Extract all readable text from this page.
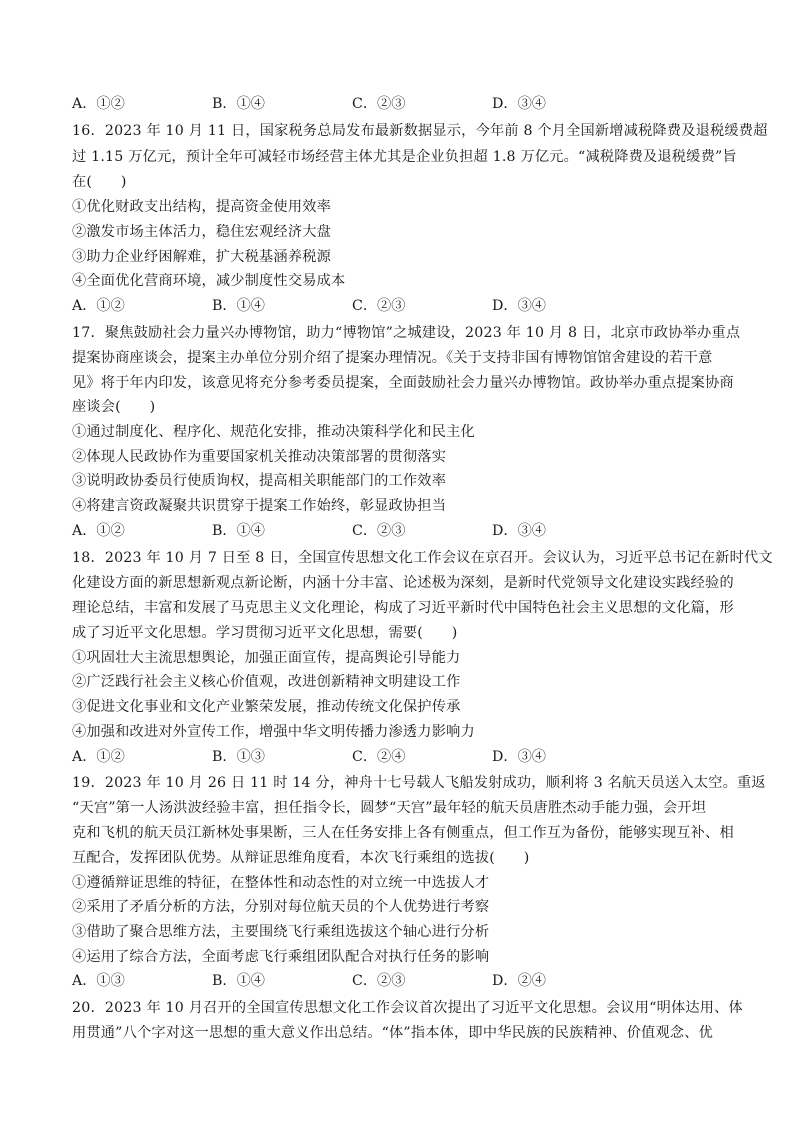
A．①②	B．①④	C．②③	D．③④
16．2023 年 10 月 11 日，国家税务总局发布最新数据显示，今年前 8 个月全国新增减税降费及退税缓费超
过 1.15 万亿元，预计全年可减轻市场经营主体尤其是企业负担超 1.8 万亿元。“减税降费及退税缓费”旨
在(　　)
①优化财政支出结构，提高资金使用效率
②激发市场主体活力，稳住宏观经济大盘
③助力企业纾困解难，扩大税基涵养税源
④全面优化营商环境，减少制度性交易成本
A．①②	B．①④	C．②③	D．③④
17．聚焦鼓励社会力量兴办博物馆，助力“博物馆”之城建设，2023 年 10 月 8 日，北京市政协举办重点
提案协商座谈会，提案主办单位分别介绍了提案办理情况。《关于支持非国有博物馆馆舍建设的若干意
见》将于年内印发，该意见将充分参考委员提案，全面鼓励社会力量兴办博物馆。政协举办重点提案协商
座谈会(　　)
①通过制度化、程序化、规范化安排，推动决策科学化和民主化
②体现人民政协作为重要国家机关推动决策部署的贯彻落实
③说明政协委员行使质询权，提高相关职能部门的工作效率
④将建言资政凝聚共识贯穿于提案工作始终，彰显政协担当
A．①②	B．①④	C．②③	D．③④
18．2023 年 10 月 7 日至 8 日，全国宣传思想文化工作会议在京召开。会议认为，习近平总书记在新时代文
化建设方面的新思想新观点新论断，内涵十分丰富、论述极为深刻，是新时代党领导文化建设实践经验的
理论总结，丰富和发展了马克思主义文化理论，构成了习近平新时代中国特色社会主义思想的文化篇，形
成了习近平文化思想。学习贯彻习近平文化思想，需要(　　)
①巩固壮大主流思想舆论，加强正面宣传，提高舆论引导能力
②广泛践行社会主义核心价值观，改进创新精神文明建设工作
③促进文化事业和文化产业繁荣发展，推动传统文化保护传承
④加强和改进对外宣传工作，增强中华文明传播力渗透力影响力
A．①②	B．①③	C．②④	D．③④
19．2023 年 10 月 26 日 11 时 14 分，神舟十七号载人飞船发射成功，顺利将 3 名航天员送入太空。重返
“天宫”第一人汤洪波经验丰富，担任指令长，圆梦“天宫”最年轻的航天员唐胜杰动手能力强，会开坦
克和飞机的航天员江新林处事果断，三人在任务安排上各有侧重点，但工作互为备份，能够实现互补、相
互配合，发挥团队优势。从辩证思维角度看，本次飞行乘组的选拔(　　)
①遵循辩证思维的特征，在整体性和动态性的对立统一中选拔人才
②采用了矛盾分析的方法，分别对每位航天员的个人优势进行考察
③借助了聚合思维方法，主要围绕飞行乘组选拔这个轴心进行分析
④运用了综合方法，全面考虑飞行乘组团队配合对执行任务的影响
A．①③	B．①④	C．②③	D．②④
20．2023 年 10 月召开的全国宣传思想文化工作会议首次提出了习近平文化思想。会议用“明体达用、体
用贯通”八个字对这一思想的重大意义作出总结。“体”指本体，即中华民族的民族精神、价值观念、优
